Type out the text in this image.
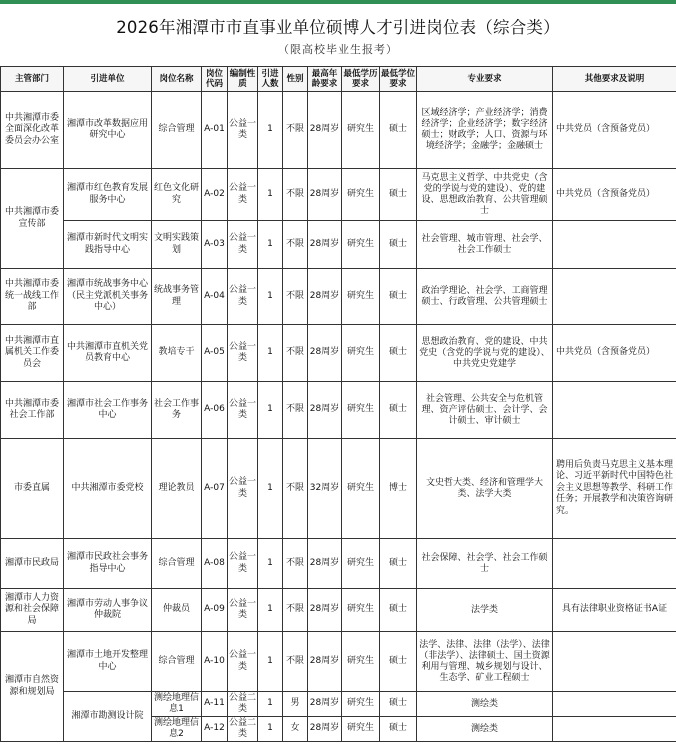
2026年湘潭市市直事业单位硕博人才引进岗位表（综合类）
（限高校毕业生报考）
主管部门	引进单位	岗位名称	岗位代码	编制性质	引进人数	性别	最高年龄要求	最低学历要求	最低学位要求	专业要求	其他要求及说明
中共湘潭市委全面深化改革委员会办公室	湘潭市改革数据应用研究中心	综合管理	A-01	公益一类	1	不限	28周岁	研究生	硕士	区域经济学；产业经济学；消费经济学；企业经济学；数字经济硕士；财政学；人口、资源与环境经济学；金融学；金融硕士	中共党员（含预备党员）
中共湘潭市委宣传部	湘潭市红色教育发展服务中心	红色文化研究	A-02	公益一类	1	不限	28周岁	研究生	硕士	马克思主义哲学、中共党史（含党的学说与党的建设）、党的建设、思想政治教育、公共管理硕士	中共党员（含预备党员）
	湘潭市新时代文明实践指导中心	文明实践策划	A-03	公益一类	1	不限	28周岁	研究生	硕士	社会管理、城市管理、社会学、社会工作硕士	
中共湘潭市委统一战线工作部	湘潭市统战事务中心（民主党派机关事务中心）	统战事务管理	A-04	公益一类	1	不限	28周岁	研究生	硕士	政治学理论、社会学、工商管理硕士、行政管理、公共管理硕士	
中共湘潭市直属机关工作委员会	中共湘潭市直机关党员教育中心	教培专干	A-05	公益一类	1	不限	28周岁	研究生	硕士	思想政治教育、党的建设、中共党史（含党的学说与党的建设）、中共党史党建学	中共党员（含预备党员）
中共湘潭市委社会工作部	湘潭市社会工作事务中心	社会工作事务	A-06	公益一类	1	不限	28周岁	研究生	硕士	社会管理、公共安全与危机管理、资产评估硕士、会计学、会计硕士、审计硕士	
市委直属	中共湘潭市委党校	理论教员	A-07	公益一类	1	不限	32周岁	研究生	博士	文史哲大类、经济和管理学大类、法学大类	聘用后负责马克思主义基本理论、习近平新时代中国特色社会主义思想等教学、科研工作任务；开展教学和决策咨询研究。
湘潭市民政局	湘潭市民政社会事务指导中心	综合管理	A-08	公益一类	1	不限	28周岁	研究生	硕士	社会保障、社会学、社会工作硕士	
湘潭市人力资源和社会保障局	湘潭市劳动人事争议仲裁院	仲裁员	A-09	公益一类	1	不限	28周岁	研究生	硕士	法学类	具有法律职业资格证书A证
湘潭市自然资源和规划局	湘潭市土地开发整理中心	综合管理	A-10	公益一类	1	不限	28周岁	研究生	硕士	法学、法律、法律（法学）、法律（非法学）、法律硕士、国土资源利用与管理、城乡规划与设计、生态学、矿业工程硕士	
	湘潭市勘测设计院	测绘地理信息1	A-11	公益二类	1	男	28周岁	研究生	硕士	测绘类	
		测绘地理信息2	A-12	公益二类	1	女	28周岁	研究生	硕士	测绘类	
